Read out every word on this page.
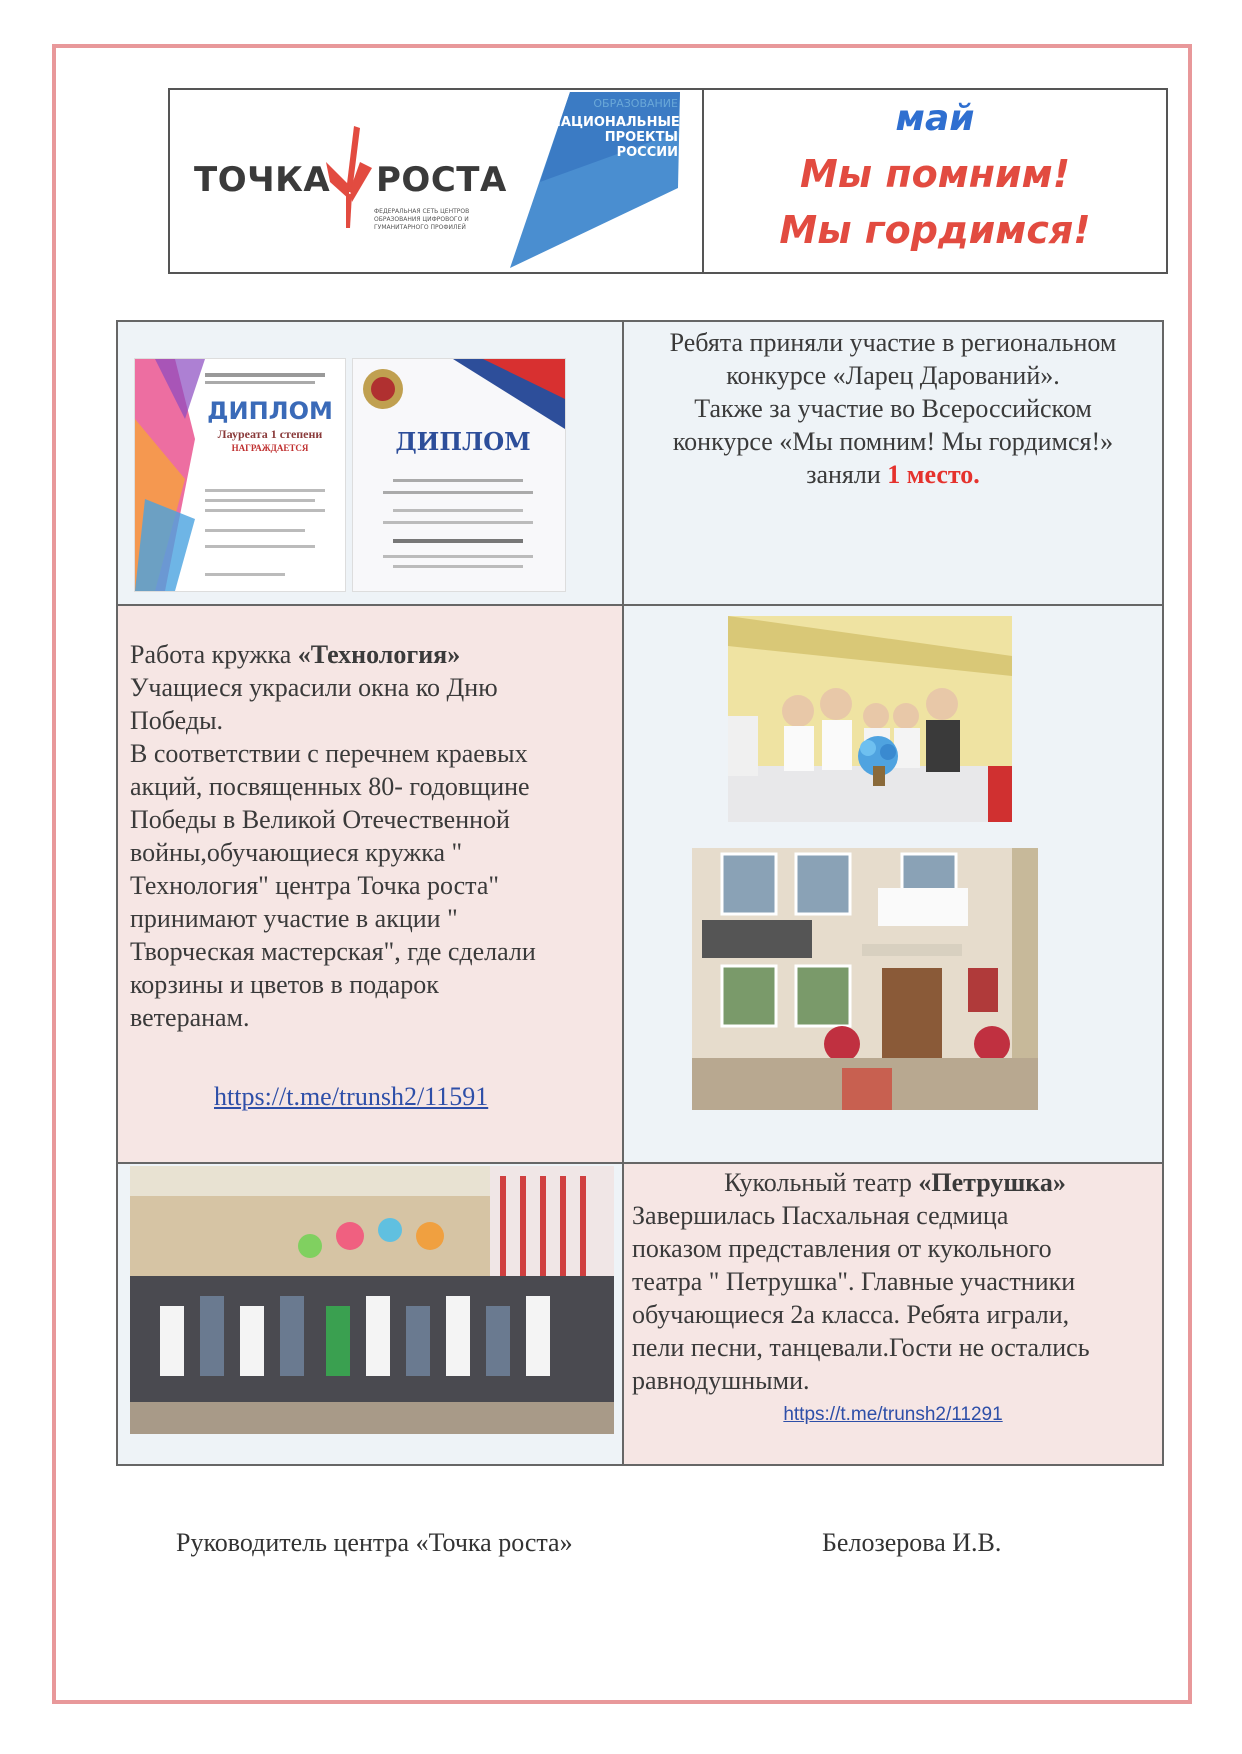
ТОЧКА РОСТА
ФЕДЕРАЛЬНАЯ СЕТЬ ЦЕНТРОВ ОБРАЗОВАНИЯ ЦИФРОВОГО И ГУМАНИТАРНОГО ПРОФИЛЕЙ
ОБРАЗОВАНИЕ
НАЦИОНАЛЬНЫЕ
ПРОЕКТЫ
РОССИИ
май
Мы помним!
Мы гордимся!
ДИПЛОМ
Лауреата 1 степени
НАГРАЖДАЕТСЯ	ДИПЛОМ
Ребята приняли участие в региональном
конкурсе «Ларец Дарований».
Также за участие во Всероссийском
конкурсе «Мы помним! Мы гордимся!»
заняли 1 место.
Работа кружка «Технология»
Учащиеся украсили окна ко Дню
Победы.
В соответствии с перечнем краевых
акций, посвященных 80- годовщине
Победы в Великой Отечественной
войны,обучающиеся кружка "
Технология" центра Точка роста"
принимают участие в акции "
Творческая мастерская", где сделали
корзины и цветов в подарок
ветеранам.
https://t.me/trunsh2/11591
Кукольный театр «Петрушка»
Завершилась Пасхальная седмица
показом представления от кукольного
театра " Петрушка". Главные участники
обучающиеся 2а класса. Ребята играли,
пели песни, танцевали.Гости не остались
равнодушными.
https://t.me/trunsh2/11291
Руководитель центра «Точка роста»	Белозерова И.В.
